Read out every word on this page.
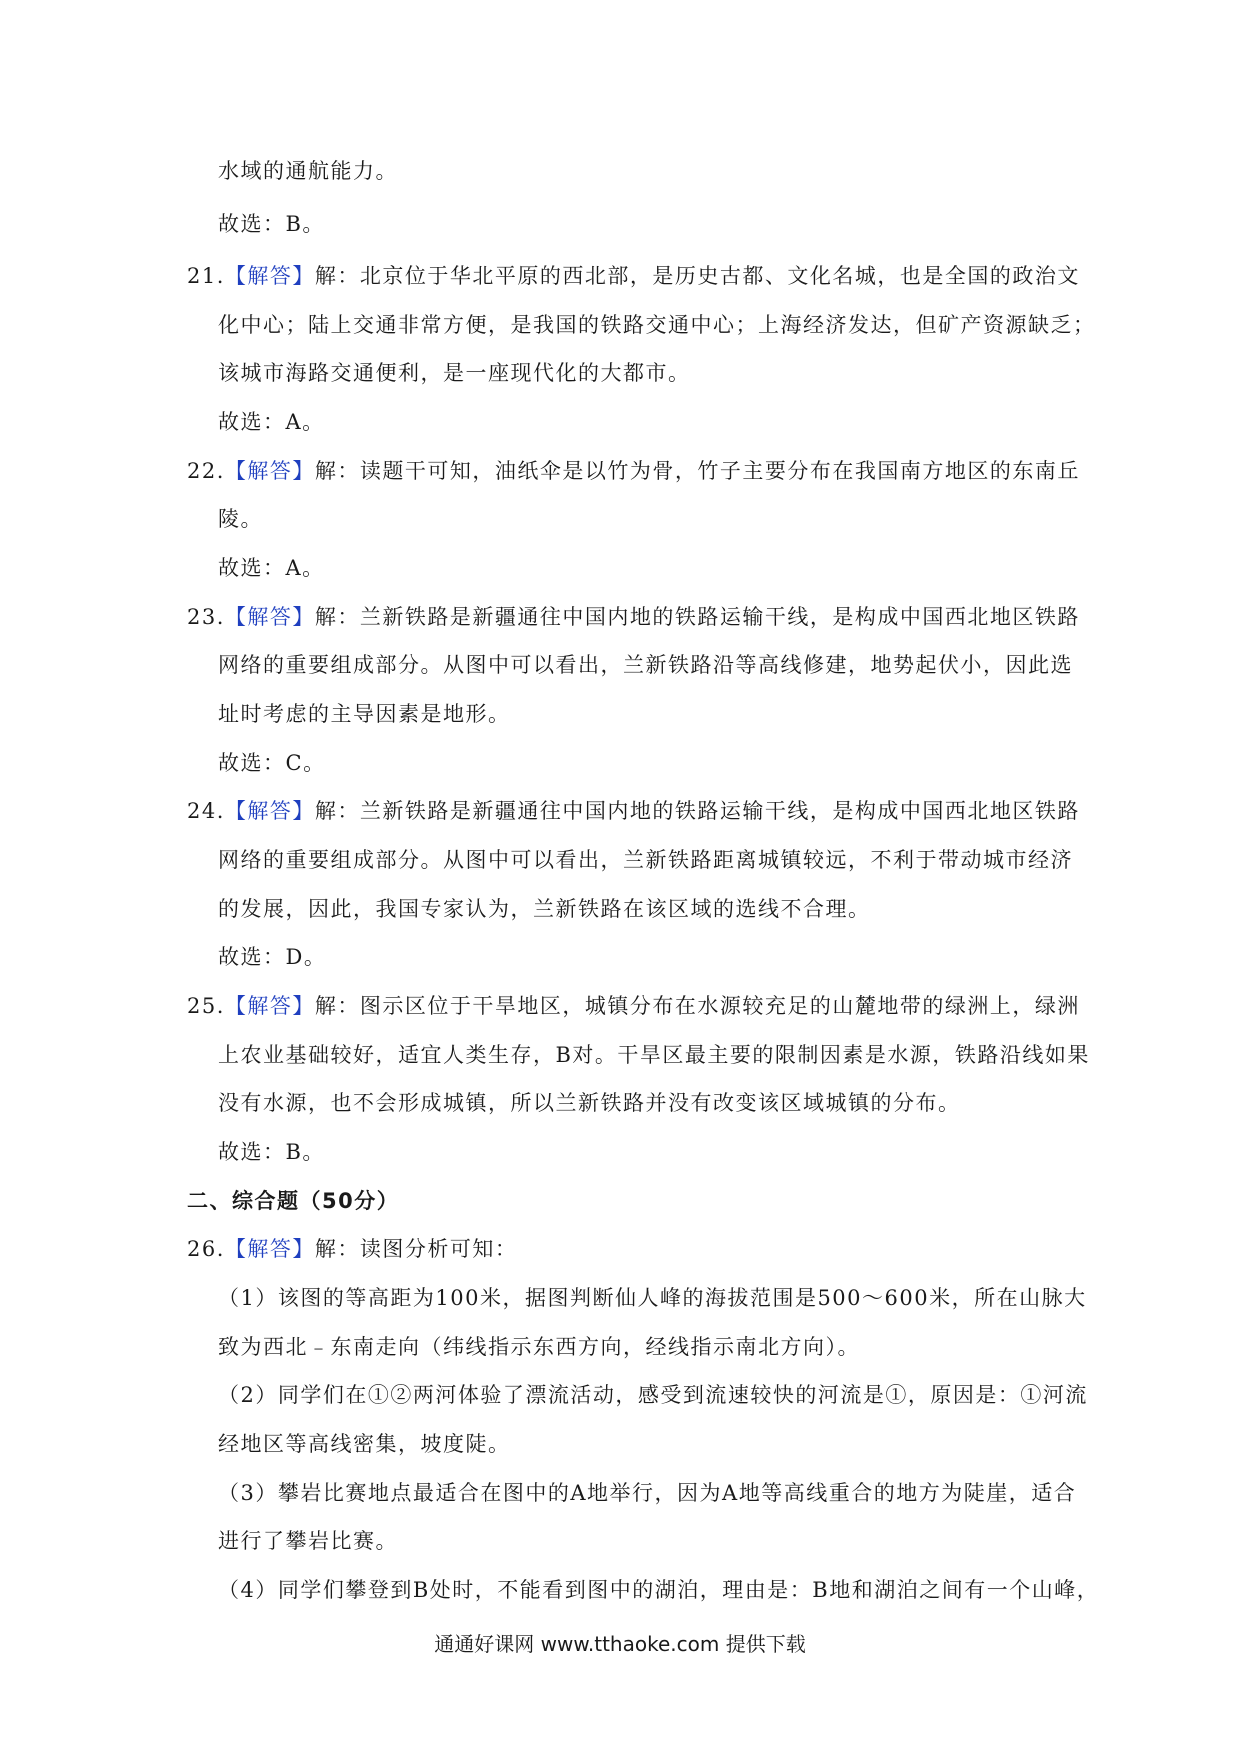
水域的通航能力。
故选：B。
21.【解答】解：北京位于华北平原的西北部，是历史古都、文化名城，也是全国的政治文
化中心；陆上交通非常方便，是我国的铁路交通中心；上海经济发达，但矿产资源缺乏；
该城市海路交通便利，是一座现代化的大都市。
故选：A。
22.【解答】解：读题干可知，油纸伞是以竹为骨，竹子主要分布在我国南方地区的东南丘
陵。
故选：A。
23.【解答】解：兰新铁路是新疆通往中国内地的铁路运输干线，是构成中国西北地区铁路
网络的重要组成部分。从图中可以看出，兰新铁路沿等高线修建，地势起伏小，因此选
址时考虑的主导因素是地形。
故选：C。
24.【解答】解：兰新铁路是新疆通往中国内地的铁路运输干线，是构成中国西北地区铁路
网络的重要组成部分。从图中可以看出，兰新铁路距离城镇较远，不利于带动城市经济
的发展，因此，我国专家认为，兰新铁路在该区域的选线不合理。
故选：D。
25.【解答】解：图示区位于干旱地区，城镇分布在水源较充足的山麓地带的绿洲上，绿洲
上农业基础较好，适宜人类生存，B对。干旱区最主要的限制因素是水源，铁路沿线如果
没有水源，也不会形成城镇，所以兰新铁路并没有改变该区域城镇的分布。
故选：B。
二、综合题（50分）
26.【解答】解：读图分析可知：
（1）该图的等高距为100米，据图判断仙人峰的海拔范围是500～600米，所在山脉大
致为西北﹣东南走向（纬线指示东西方向，经线指示南北方向）。
（2）同学们在①②两河体验了漂流活动，感受到流速较快的河流是①，原因是：①河流
经地区等高线密集，坡度陡。
（3）攀岩比赛地点最适合在图中的A地举行，因为A地等高线重合的地方为陡崖，适合
进行了攀岩比赛。
（4）同学们攀登到B处时，不能看到图中的湖泊，理由是：B地和湖泊之间有一个山峰，
通通好课网 www.tthaoke.com 提供下载
